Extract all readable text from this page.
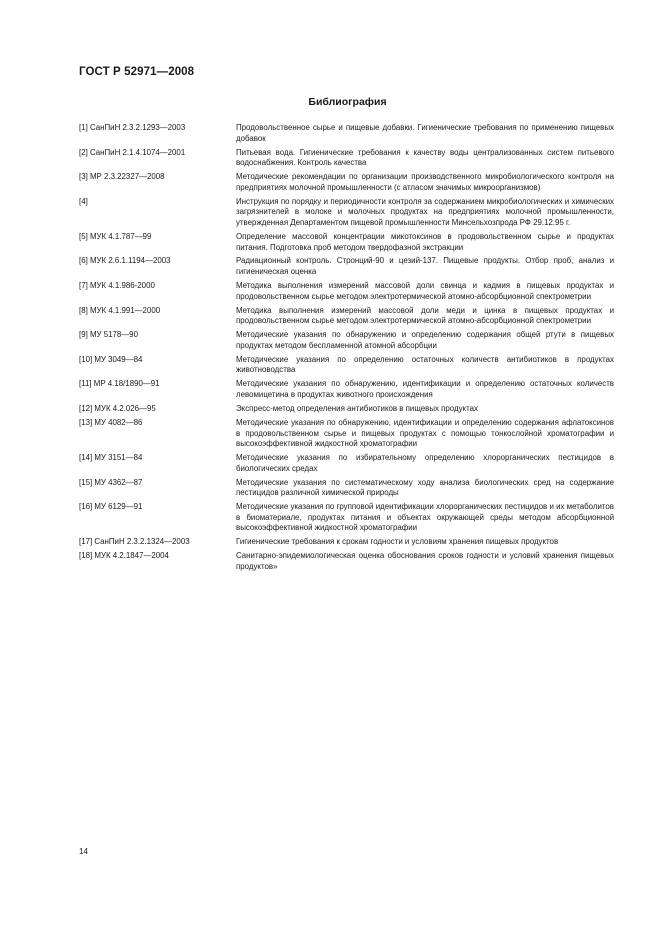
ГОСТ Р 52971—2008
Библиография
[1] СанПиН 2.3.2.1293—2003	Продовольственное сырье и пищевые добавки. Гигиенические требования по применению пищевых добавок
[2] СанПиН 2.1.4.1074—2001	Питьевая вода. Гигиенические требования к качеству воды централизованных систем питьевого водоснабжения. Контроль качества
[3] МР 2.3.22327—2008	Методические рекомендации по организации производственного микробиологического контроля на предприятиях молочной промышленности (с атласом значимых микроорганизмов)
[4]	Инструкция по порядку и периодичности контроля за содержанием микробиологических и химических загрязнителей в молоке и молочных продуктах на предприятиях молочной промышленности, утвержденная Департаментом пищевой промышленности Минсельхозпрода РФ 29.12.95 г.
[5] МУК 4.1.787—99	Определение массовой концентрации микотоксинов в продовольственном сырье и продуктах питания. Подготовка проб методом твердофазной экстракции
[6] МУК 2.6.1.1194—2003	Радиационный контроль. Стронций-90 и цезий-137. Пищевые продукты. Отбор проб, анализ и гигиеническая оценка
[7] МУК 4.1.986-2000	Методика выполнения измерений массовой доли свинца и кадмия в пищевых продуктах и продовольственном сырье методом электротермической атомно-абсорбционной спектрометрии
[8] МУК 4.1.991—2000	Методика выполнения измерений массовой доли меди и цинка в пищевых продуктах и продовольственном сырье методом электротермической атомно-абсорбционной спектрометрии
[9] МУ 5178—90	Методические указания по обнаружению и определению содержания общей ртути в пищевых продуктах методом беспламенной атомной абсорбции
[10] МУ 3049—84	Методические указания по определению остаточных количеств антибиотиков в продуктах животноводства
[11] МР 4.18/1890—91	Методические указания по обнаружению, идентификации и определению остаточных количеств левомицетина в продуктах животного происхождения
[12] МУК 4.2.026—95	Экспресс-метод определения антибиотиков в пищевых продуктах
[13] МУ 4082—86	Методические указания по обнаружению, идентификации и определению содержания афлатоксинов в продовольственном сырье и пищевых продуктах с помощью тонкослойной хроматографии и высокоэффективной жидкостной хроматографии
[14] МУ 3151—84	Методические указания по избирательному определению хлорорганических пестицидов в биологических средах
[15] МУ 4362—87	Методические указания по систематическому ходу анализа биологических сред на содержание пестицидов различной химической природы
[16] МУ 6129—91	Методические указания по групповой идентификации хлорорганических пестицидов и их метаболитов в биоматериале, продуктах питания и объектах окружающей среды методом абсорбционной высокоэффективной жидкостной хроматографии
[17] СанПиН 2.3.2.1324—2003	Гигиенические требования к срокам годности и условиям хранения пищевых продуктов
[18] МУК 4.2.1847—2004	Санитарно-эпидемиологическая оценка обоснования сроков годности и условий хранения пищевых продуктов»
14
